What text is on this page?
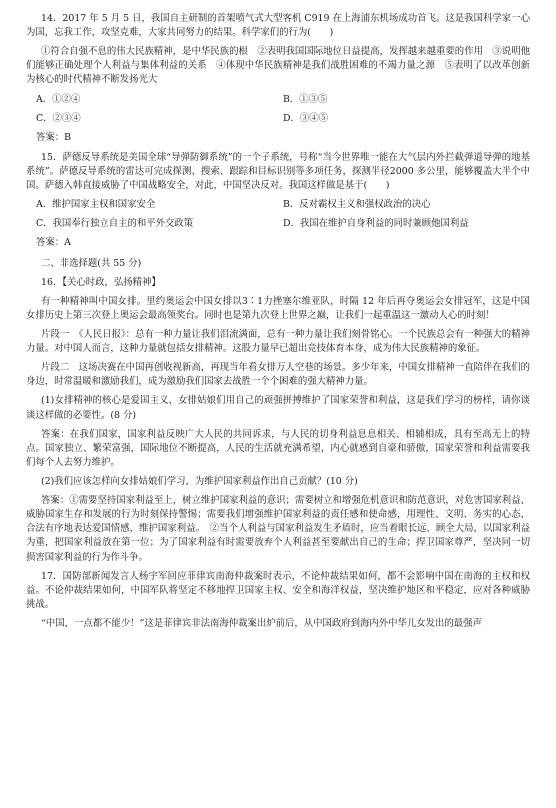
14．2017 年 5 月 5 日，我国自主研制的首架喷气式大型客机 C919 在上海浦东机场成功首飞。这是我国科学家一心为国，忘我工作，攻坚克难，大家共同努力的结果。科学家们的行为(　　)

①符合自强不息的伟大民族精神，是中华民族的根　②表明我国国际地位日益提高，发挥越来越重要的作用　③说明他们能够正确处理个人利益与集体利益的关系　④体现中华民族精神是我们战胜困难的不竭力量之源　⑤表明了以改革创新为核心的时代精神不断发扬光大

A．①②④	B．①③⑤
C．②③④	D．③④⑤
答案：B

15．萨德反导系统是美国全球“导弹防御系统”的一个子系统，号称“当今世界唯一能在大气层内外拦截弹道导弹的地基系统”。萨德反导系统的雷达可完成探测、搜索、跟踪和目标识别等多项任务，探测半径2000 多公里，能够覆盖大半个中国。萨德入韩直接威胁了中国战略安全，对此，中国坚决反对。我国这样做是基于(　　)

A．维护国家主权和国家安全	B．反对霸权主义和强权政治的决心
C．我国奉行独立自主的和平外交政策	D．我国在维护自身利益的同时兼顾他国利益
答案：A
二、非选择题(共 55 分)
16．【关心时政，弘扬精神】

有一种精神叫中国女排。里约奥运会中国女排以3∶1力挫塞尔维亚队，时隔 12 年后再夺奥运会女排冠军，这是中国女排历史上第三次登上奥运会最高领奖台。同时也是第九次登上世界之巅，让我们一起重温这一激动人心的时刻！

片段一　《人民日报》：总有一种力量让我们泪流满面，总有一种力量让我们刻骨铭心。一个民族总会有一种强大的精神力量。对中国人而言，这种力量就包括女排精神。这股力量早已超出竞技体育本身，成为伟大民族精神的象征。

片段二　这场决赛在中国再创收视新高，再现当年看女排万人空巷的场景。多少年来，中国女排精神一直陪伴在我们的身边，时常温暖和激励我们，成为激励我们国家去战胜一个个困难的强大精神力量。

(1)女排精神的核心是爱国主义，女排姑娘们用自己的顽强拼搏维护了国家荣誉和利益，这是我们学习的榜样，请你谈谈这样做的必要性。(8 分)

答案：在我们国家，国家利益反映广大人民的共同诉求，与人民的切身利益息息相关、相辅相成，具有至高无上的特点。国家独立、繁荣富强，国际地位不断提高，人民的生活就充满希望，内心就感到自豪和骄傲，国家荣誉和利益需要我们每个人去努力维护。

(2)我们应该怎样向女排姑娘们学习，为维护国家利益作出自己贡献？(10 分)

答案：①需要坚持国家利益至上，树立维护国家利益的意识；需要树立和增强危机意识和防范意识，对危害国家利益、威胁国家生存和发展的行为时刻保持警惕；需要我们增强维护国家利益的责任感和使命感，用理性、文明、务实的心态，合法有序地表达爱国情感，维护国家利益。　②当个人利益与国家利益发生矛盾时，应当着眼长远、顾全大局，以国家利益为重，把国家利益放在第一位；为了国家利益有时需要放弃个人利益甚至要献出自己的生命；捍卫国家尊严，坚决同一切损害国家利益的行为作斗争。

17．国防部新闻发言人杨宇军回应菲律宾南海仲裁案时表示，不论仲裁结果如何，都不会影响中国在南海的主权和权益。不论仲裁结果如何，中国军队将坚定不移地捍卫国家主权、安全和海洋权益，坚决维护地区和平稳定，应对各种威胁挑战。

“中国，一点都不能少！”这是菲律宾非法南海仲裁案出炉前后，从中国政府到海内外中华儿女发出的最强声
